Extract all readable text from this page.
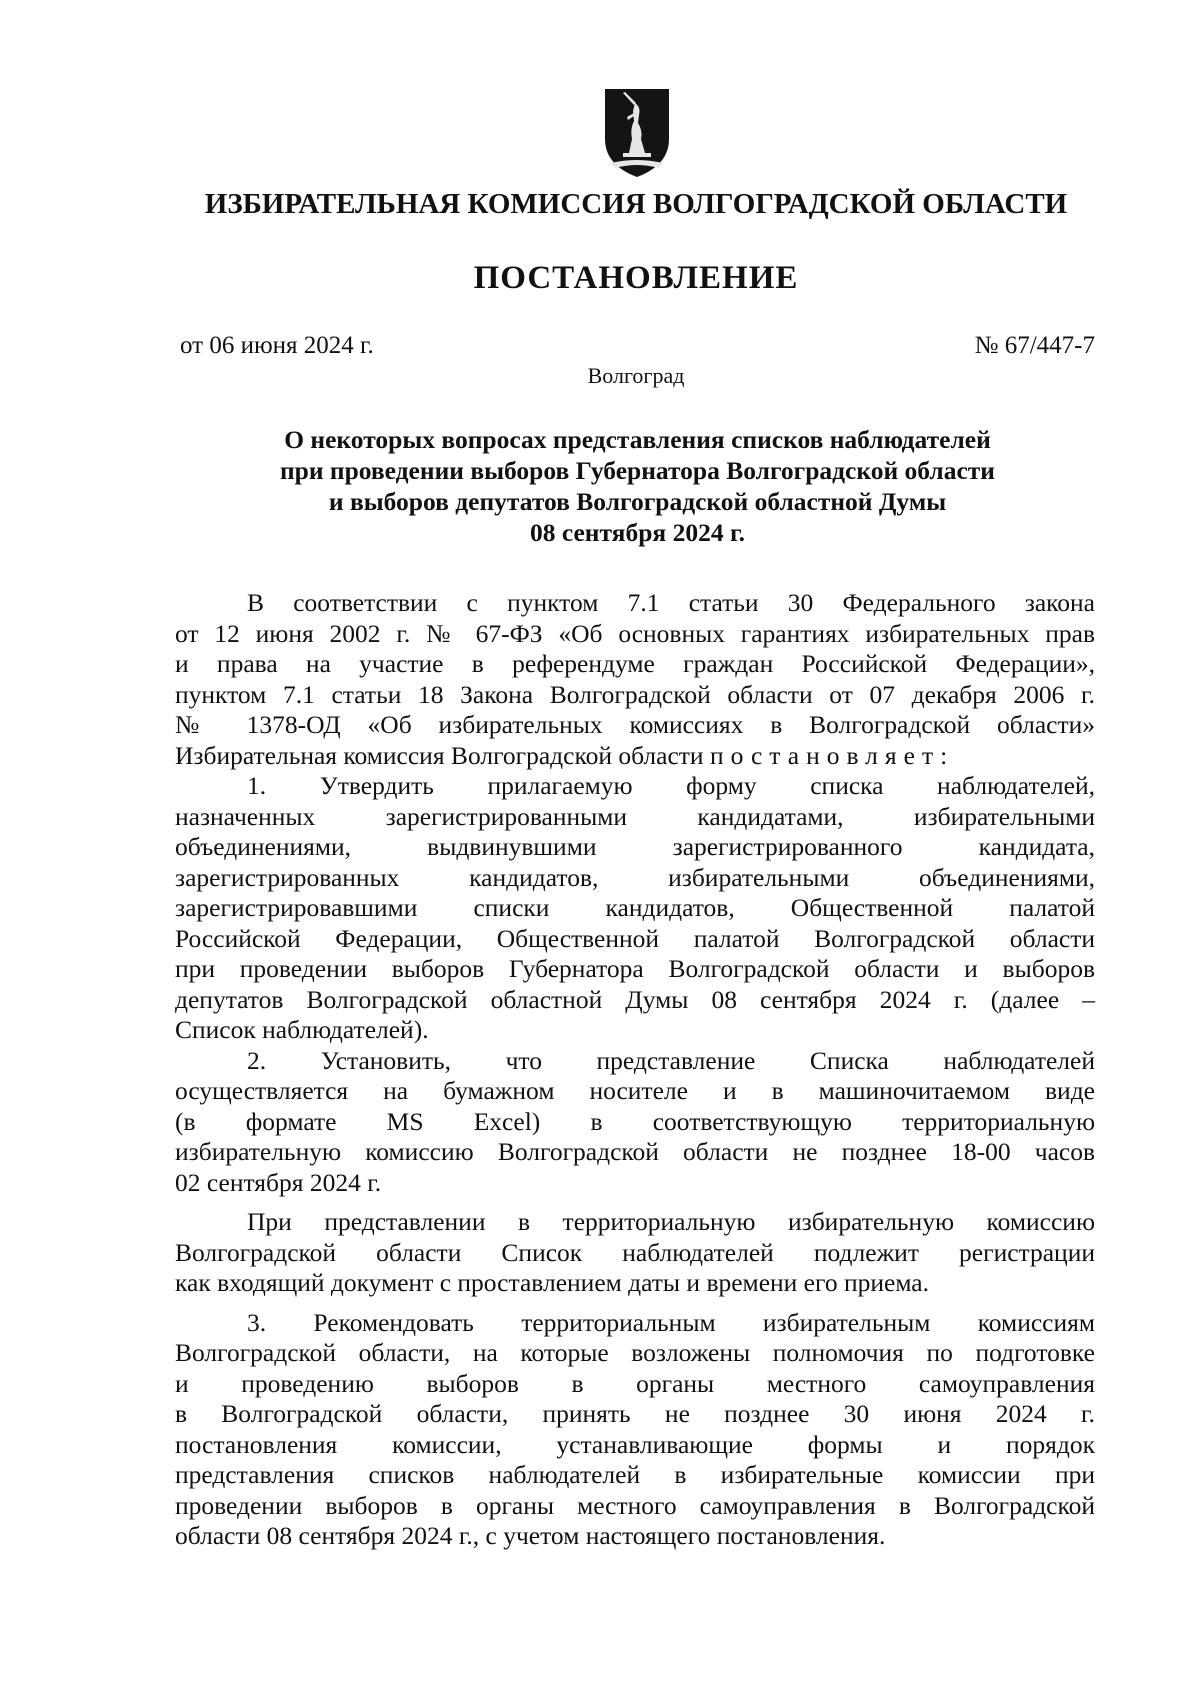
ИЗБИРАТЕЛЬНАЯ КОМИССИЯ ВОЛГОГРАДСКОЙ ОБЛАСТИ
ПОСТАНОВЛЕНИЕ
от 06 июня 2024 г.	№ 67/447-7
Волгоград
О некоторых вопросах представления списков наблюдателей
при проведении выборов Губернатора Волгоградской области
и выборов депутатов Волгоградской областной Думы
08 сентября 2024 г.
В соответствии с пунктом 7.1 статьи 30 Федерального закона
от 12 июня 2002 г. № 67-ФЗ «Об основных гарантиях избирательных прав
и права на участие в референдуме граждан Российской Федерации»,
пунктом 7.1 статьи 18 Закона Волгоградской области от 07 декабря 2006 г.
№ 1378-ОД «Об избирательных комиссиях в Волгоградской области»
Избирательная комиссия Волгоградской области постановляет:
1. Утвердить прилагаемую форму списка наблюдателей,
назначенных зарегистрированными кандидатами, избирательными
объединениями, выдвинувшими зарегистрированного кандидата,
зарегистрированных кандидатов, избирательными объединениями,
зарегистрировавшими списки кандидатов, Общественной палатой
Российской Федерации, Общественной палатой Волгоградской области
при проведении выборов Губернатора Волгоградской области и выборов
депутатов Волгоградской областной Думы 08 сентября 2024 г. (далее –
Список наблюдателей).
2. Установить, что представление Списка наблюдателей
осуществляется на бумажном носителе и в машиночитаемом виде
(в формате MS Excel) в соответствующую территориальную
избирательную комиссию Волгоградской области не позднее 18-00 часов
02 сентября 2024 г.
При представлении в территориальную избирательную комиссию
Волгоградской области Список наблюдателей подлежит регистрации
как входящий документ с проставлением даты и времени его приема.
3. Рекомендовать территориальным избирательным комиссиям
Волгоградской области, на которые возложены полномочия по подготовке
и проведению выборов в органы местного самоуправления
в Волгоградской области, принять не позднее 30 июня 2024 г.
постановления комиссии, устанавливающие формы и порядок
представления списков наблюдателей в избирательные комиссии при
проведении выборов в органы местного самоуправления в Волгоградской
области 08 сентября 2024 г., с учетом настоящего постановления.
